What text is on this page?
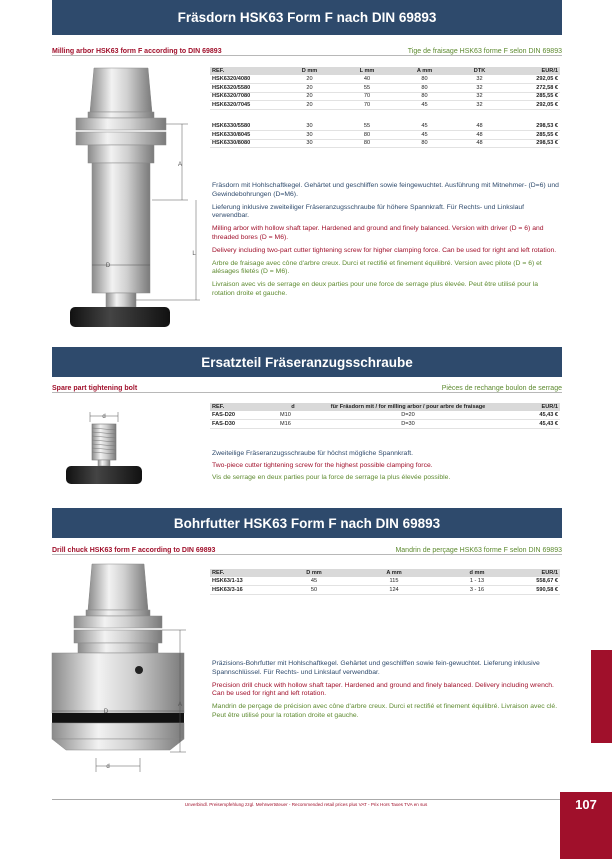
Fräsdorn HSK63 Form F nach DIN 69893
Milling arbor HSK63 form F according to DIN 69893	Tige de fraisage HSK63 forme F selon DIN 69893
A
L
D
REF.	D mm	L mm	A mm	DTK	EUR/1
HSK6320/4080	20	40	80	32	292,05 €
HSK6320/5580	20	55	80	32	272,58 €
HSK6320/7080	20	70	80	32	285,55 €
HSK6320/7045	20	70	45	32	292,05 €

HSK6330/5580	30	55	45	48	298,53 €
HSK6330/8045	30	80	45	48	285,55 €
HSK6330/8080	30	80	80	48	298,53 €

Fräsdorn mit Hohlschaftkegel. Gehärtet und geschliffen sowie feingewuchtet. Ausführung mit Mitnehmer- (D=6) und Gewindebohrungen (D=M6).

Lieferung inklusive zweiteiliger Fräseranzugsschraube für höhere Spannkraft. Für Rechts- und Linkslauf verwendbar.

Milling arbor with hollow shaft taper. Hardened and ground and finely balanced. Version with driver (D = 6) and threaded bores (D = M6).

Delivery including two-part cutter tightening screw for higher clamping force. Can be used for right and left rotation.

Arbre de fraisage avec cône d'arbre creux. Durci et rectifié et finement équilibré. Version avec pilote (D = 6) et alésages filetés (D = M6).

Livraison avec vis de serrage en deux parties pour une force de serrage plus élevée. Peut être utilisé pour la rotation droite et gauche.

Ersatzteil Fräseranzugsschraube
Spare part tightening bolt	Pièces de rechange boulon de serrage
d
REF.	d	für Fräsdorn mit / for milling arbor / pour arbre de fraisage	EUR/1
FAS-D20	M10	D=20	45,43 €
FAS-D30	M16	D=30	45,43 €

Zweiteilige Fräseranzugsschraube für höchst mögliche Spannkraft.

Two-piece cutter tightening screw for the highest possible clamping force.

Vis de serrage en deux parties pour la force de serrage la plus élevée possible.

Bohrfutter HSK63 Form F nach DIN 69893
Drill chuck HSK63 form F according to DIN 69893	Mandrin de perçage HSK63 forme F selon DIN 69893
A
D
d
REF.	D mm	A mm	d mm	EUR/1
HSK63/1-13	45	115	1 - 13	558,67 €
HSK63/3-16	50	124	3 - 16	590,58 €

Präzisions-Bohrfutter mit Hohlschaftkegel. Gehärtet und geschliffen sowie fein-gewuchtet. Lieferung inklusive Spannschlüssel. Für Rechts- und Linkslauf verwendbar.

Precision drill chuck with hollow shaft taper. Hardened and ground and finely balanced. Delivery including wrench. Can be used for right and left rotation.

Mandrin de perçage de précision avec cône d'arbre creux. Durci et rectifié et finement équilibré. Livraison avec clé. Peut être utilisé pour la rotation droite et gauche.

Unverbindl. Preisempfehlung zzgl. Mehrwertsteuer - Recommended retail prices plus VAT - Prix Hors Taxes TVA en sus	107
